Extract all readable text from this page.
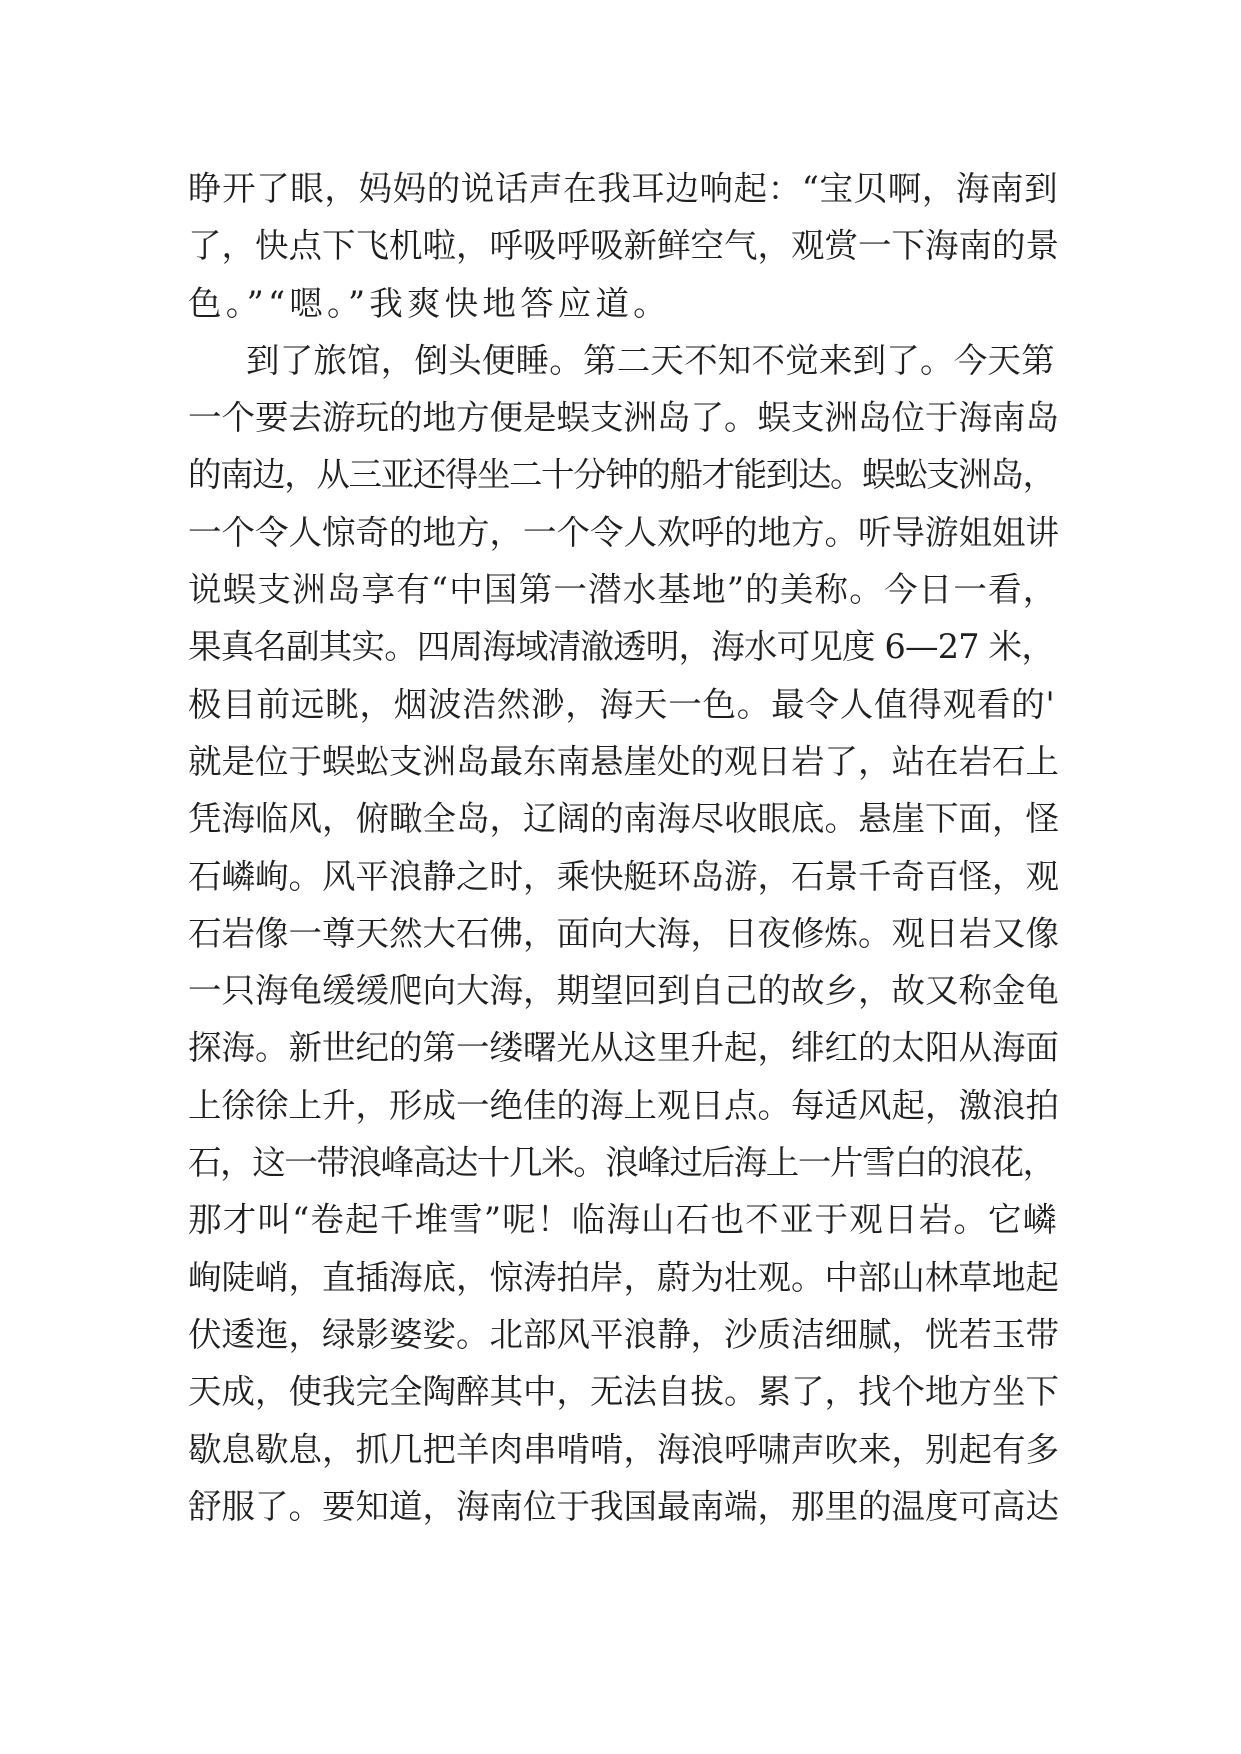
睁开了眼，妈妈的说话声在我耳边响起：“宝贝啊，海南到
了，快点下飞机啦，呼吸呼吸新鲜空气，观赏一下海南的景
色。”“嗯。”我爽快地答应道。
到了旅馆，倒头便睡。第二天不知不觉来到了。今天第
一个要去游玩的地方便是蜈支洲岛了。蜈支洲岛位于海南岛
的南边，从三亚还得坐二十分钟的船才能到达。蜈蚣支洲岛，
一个令人惊奇的地方，一个令人欢呼的地方。听导游姐姐讲
说蜈支洲岛享有“中国第一潜水基地”的美称。今日一看，
果真名副其实。四周海域清澈透明，海水可见度 6—27 米，
极目前远眺，烟波浩然渺，海天一色。最令人值得观看的'
就是位于蜈蚣支洲岛最东南悬崖处的观日岩了，站在岩石上
凭海临风，俯瞰全岛，辽阔的南海尽收眼底。悬崖下面，怪
石嶙峋。风平浪静之时，乘快艇环岛游，石景千奇百怪，观
石岩像一尊天然大石佛，面向大海，日夜修炼。观日岩又像
一只海龟缓缓爬向大海，期望回到自己的故乡，故又称金龟
探海。新世纪的第一缕曙光从这里升起，绯红的太阳从海面
上徐徐上升，形成一绝佳的海上观日点。每适风起，激浪拍
石，这一带浪峰高达十几米。浪峰过后海上一片雪白的浪花，
那才叫“卷起千堆雪”呢！临海山石也不亚于观日岩。它嶙
峋陡峭，直插海底，惊涛拍岸，蔚为壮观。中部山林草地起
伏逶迤，绿影婆娑。北部风平浪静，沙质洁细腻，恍若玉带
天成，使我完全陶醉其中，无法自拔。累了，找个地方坐下
歇息歇息，抓几把羊肉串啃啃，海浪呼啸声吹来，别起有多
舒服了。要知道，海南位于我国最南端，那里的温度可高达
